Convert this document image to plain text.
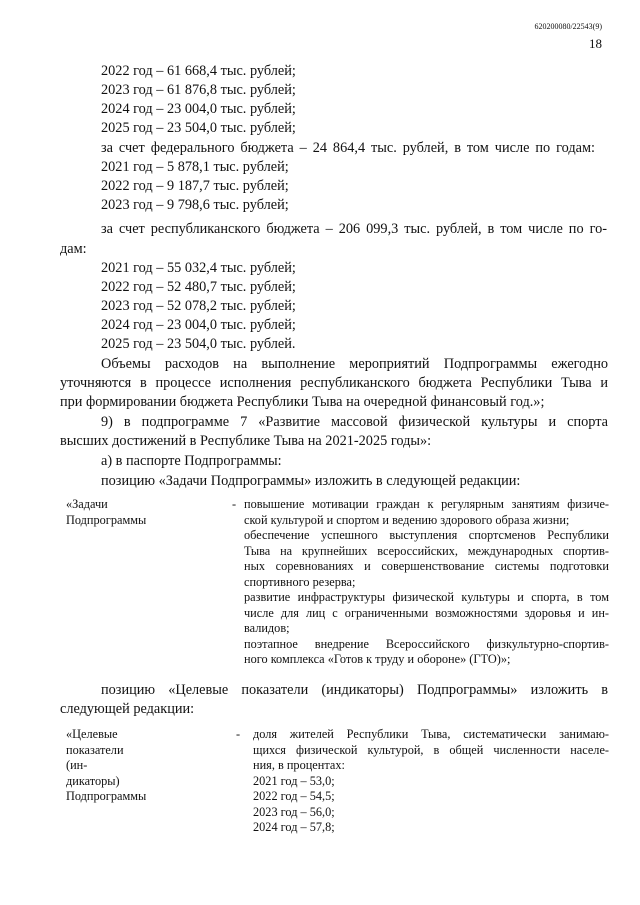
620200080/22543(9)
18
2022 год – 61 668,4 тыс. рублей;
2023 год – 61 876,8 тыс. рублей;
2024 год – 23 004,0 тыс. рублей;
2025 год – 23 504,0 тыс. рублей;
за счет федерального бюджета – 24 864,4 тыс. рублей, в том числе по годам:
2021 год – 5 878,1 тыс. рублей;
2022 год – 9 187,7 тыс. рублей;
2023 год – 9 798,6 тыс. рублей;
за счет республиканского бюджета – 206 099,3 тыс. рублей, в том числе по го-
дам:
2021 год – 55 032,4 тыс. рублей;
2022 год – 52 480,7 тыс. рублей;
2023 год – 52 078,2 тыс. рублей;
2024 год – 23 004,0 тыс. рублей;
2025 год – 23 504,0 тыс. рублей.
Объемы расходов на выполнение мероприятий Подпрограммы ежегодно
уточняются в процессе исполнения республиканского бюджета Республики Тыва и
при формировании бюджета Республики Тыва на очередной финансовый год.»;
9) в подпрограмме 7 «Развитие массовой физической культуры и спорта
высших достижений в Республике Тыва на 2021-2025 годы»:
а) в паспорте Подпрограммы:
позицию «Задачи Подпрограммы» изложить в следующей редакции:
«Задачи Подпрограммы
- повышение мотивации граждан к регулярным занятиям физиче-
ской культурой и спортом и ведению здорового образа жизни;
обеспечение успешного выступления спортсменов Республики
Тыва на крупнейших всероссийских, международных спортив-
ных соревнованиях и совершенствование системы подготовки
спортивного резерва;
развитие инфраструктуры физической культуры и спорта, в том
числе для лиц с ограниченными возможностями здоровья и ин-
валидов;
поэтапное внедрение Всероссийского физкультурно-спортив-
ного комплекса «Готов к труду и обороне» (ГТО)»;
позицию «Целевые показатели (индикаторы) Подпрограммы» изложить в
следующей редакции:
«Целевые показатели (ин-
дикаторы) Подпрограммы
- доля жителей Республики Тыва, систематически занимаю-
щихся физической культурой, в общей численности населе-
ния, в процентах:
2021 год – 53,0;
2022 год – 54,5;
2023 год – 56,0;
2024 год – 57,8;
